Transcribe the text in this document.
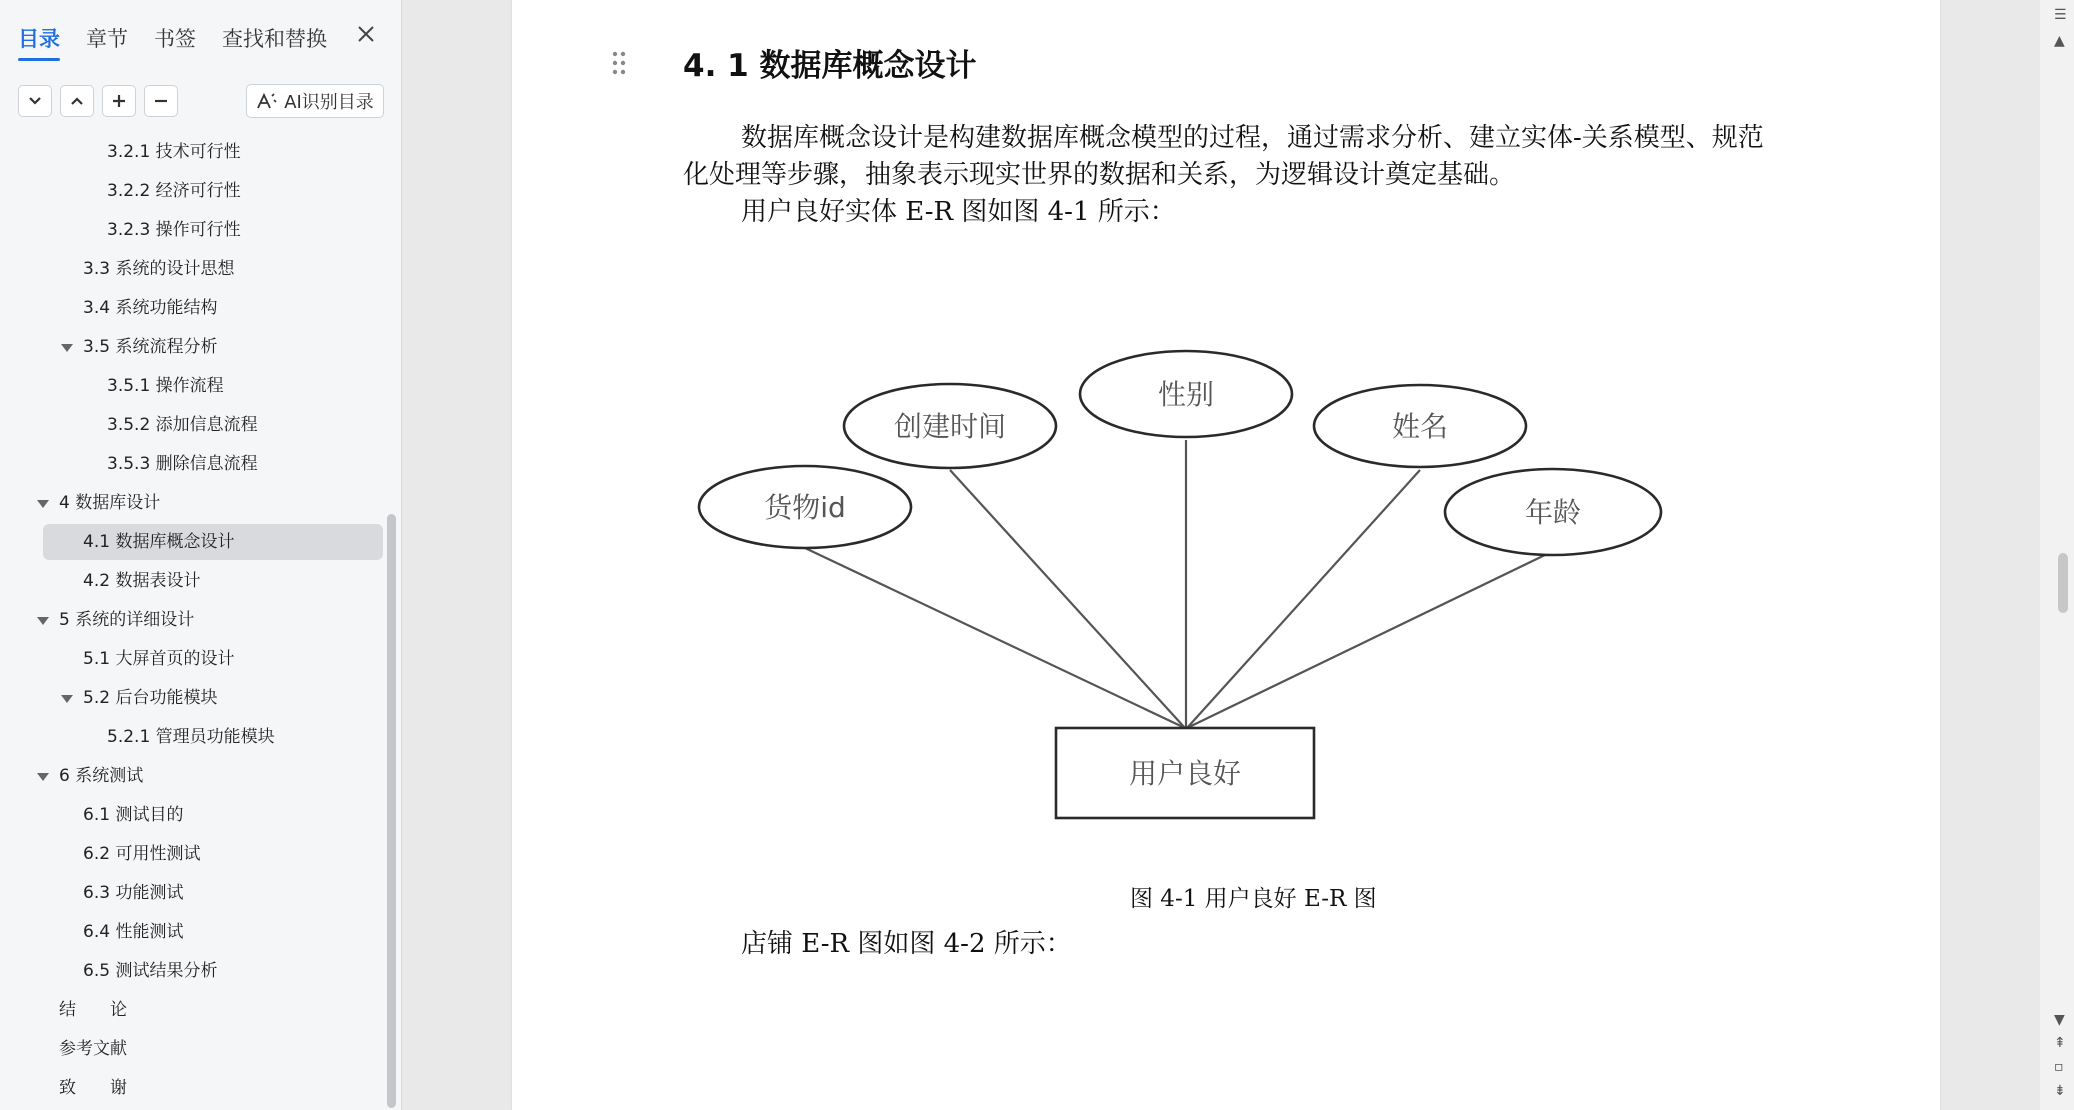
目录 章节 书签 查找和替换
AI识别目录
3.2.1 技术可行性
3.2.2 经济可行性
3.2.3 操作可行性
3.3 系统的设计思想
3.4 系统功能结构
3.5 系统流程分析
3.5.1 操作流程
3.5.2 添加信息流程
3.5.3 删除信息流程
4 数据库设计
4.1 数据库概念设计
4.2 数据表设计
5 系统的详细设计
5.1 大屏首页的设计
5.2 后台功能模块
5.2.1 管理员功能模块
6 系统测试
6.1 测试目的
6.2 可用性测试
6.3 功能测试
6.4 性能测试
6.5 测试结果分析
结　　论
参考文献
致　　谢
4. 1 数据库概念设计
数据库概念设计是构建数据库概念模型的过程，通过需求分析、建立实体-关系模型、规范化处理等步骤，抽象表示现实世界的数据和关系，为逻辑设计奠定基础。
用户良好实体 E-R 图如图 4-1 所示：
货物id
创建时间
性别
姓名
年龄
用户良好
图 4-1 用户良好 E-R 图
店铺 E-R 图如图 4-2 所示：
☰
▲
▼
⇞
▫
⇟
